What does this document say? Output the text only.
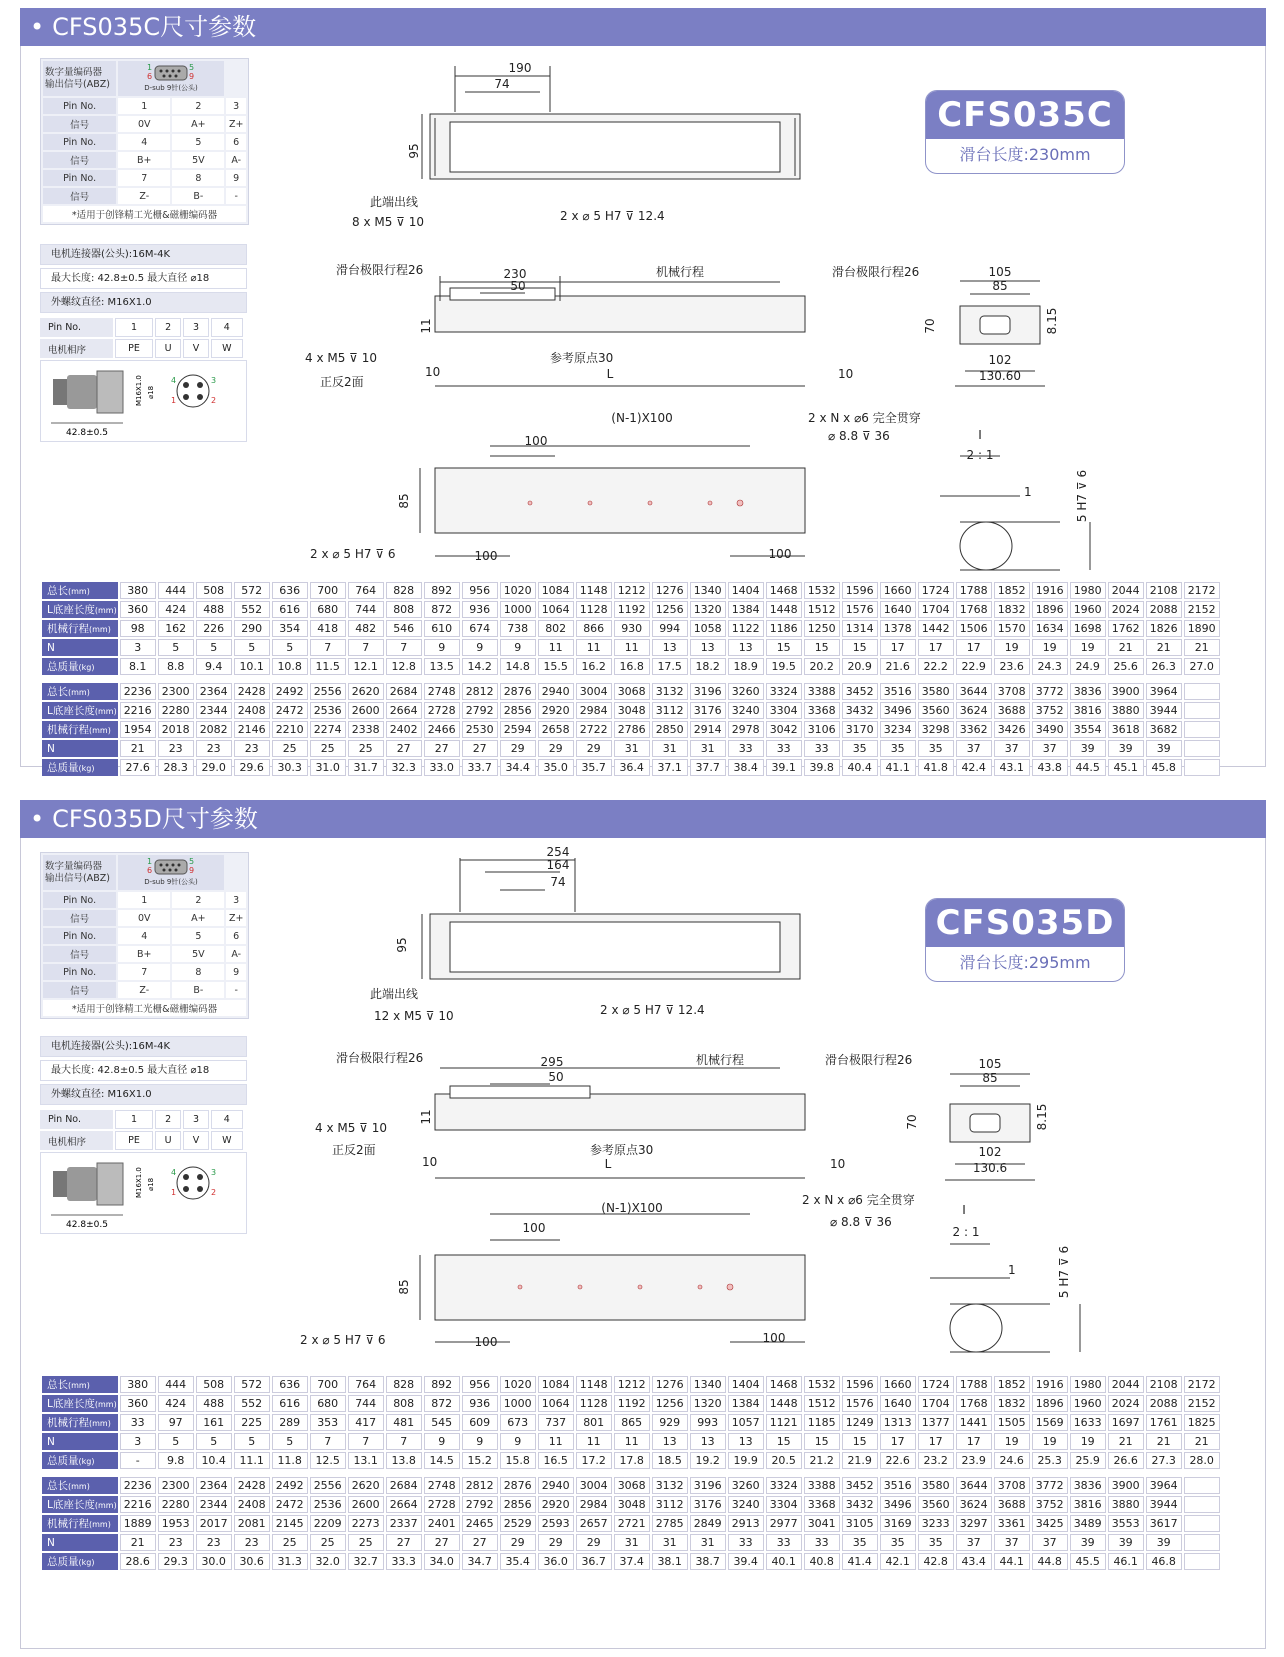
• CFS035C尺寸参数
数字量编码器
输出信号(ABZ)	1 5
6 9
D-sub 9针(公头)		

Pin No.	1	2	3
信号	0V	A+	Z+
Pin No.	4	5	6
信号	B+	5V	A-
Pin No.	7	8	9
信号	Z-	B-	-
*适用于创锋精工光栅&磁栅编码器			
电机连接器(公头):16M-4K
最大长度: 42.8±0.5 最大直径 ⌀18
外螺纹直径: M16X1.0
Pin No.	1	2	3	4
电机相序	PE	U	V	W
42.8±0.5
M16X1.0 ⌀18
4	3
1	2
CFS035C
滑台长度:230mm
190
74
95
此端出线
8 x M5 ⊽ 10	2 x ⌀ 5 H7 ⊽ 12.4
滑台极限行程26	230
50
机械行程	滑台极限行程26
11
4 x M5 ⊽ 10
正反2面
参考原点30
L
10	10
105
85
70	8.15
102
130.60
(N-1)X100
100
2 x N x ⌀6 完全贯穿
⌀ 8.8 ⊽ 36
85
2 x ⌀ 5 H7 ⊽ 6	100	100
I
2 : 1
1	5 H7 ⊽ 6
总长(mm)	380	444	508	572	636	700	764	828	892	956	1020	1084	1148	1212	1276	1340	1404	1468	1532	1596	1660	1724	1788	1852	1916	1980	2044	2108	2172
L底座长度(mm)	360	424	488	552	616	680	744	808	872	936	1000	1064	1128	1192	1256	1320	1384	1448	1512	1576	1640	1704	1768	1832	1896	1960	2024	2088	2152
机械行程(mm)	98	162	226	290	354	418	482	546	610	674	738	802	866	930	994	1058	1122	1186	1250	1314	1378	1442	1506	1570	1634	1698	1762	1826	1890
N	3	5	5	5	5	7	7	7	9	9	9	11	11	11	13	13	13	15	15	15	17	17	17	19	19	19	21	21	21
总质量(kg)	8.1	8.8	9.4	10.1	10.8	11.5	12.1	12.8	13.5	14.2	14.8	15.5	16.2	16.8	17.5	18.2	18.9	19.5	20.2	20.9	21.6	22.2	22.9	23.6	24.3	24.9	25.6	26.3	27.0

总长(mm)	2236	2300	2364	2428	2492	2556	2620	2684	2748	2812	2876	2940	3004	3068	3132	3196	3260	3324	3388	3452	3516	3580	3644	3708	3772	3836	3900	3964	
L底座长度(mm)	2216	2280	2344	2408	2472	2536	2600	2664	2728	2792	2856	2920	2984	3048	3112	3176	3240	3304	3368	3432	3496	3560	3624	3688	3752	3816	3880	3944	
机械行程(mm)	1954	2018	2082	2146	2210	2274	2338	2402	2466	2530	2594	2658	2722	2786	2850	2914	2978	3042	3106	3170	3234	3298	3362	3426	3490	3554	3618	3682	
N	21	23	23	23	25	25	25	27	27	27	29	29	29	31	31	31	33	33	33	35	35	35	37	37	37	39	39	39	
总质量(kg)	27.6	28.3	29.0	29.6	30.3	31.0	31.7	32.3	33.0	33.7	34.4	35.0	35.7	36.4	37.1	37.7	38.4	39.1	39.8	40.4	41.1	41.8	42.4	43.1	43.8	44.5	45.1	45.8	
• CFS035D尺寸参数
数字量编码器
输出信号(ABZ)	1 5
6 9
D-sub 9针(公头)		

Pin No.	1	2	3
信号	0V	A+	Z+
Pin No.	4	5	6
信号	B+	5V	A-
Pin No.	7	8	9
信号	Z-	B-	-
*适用于创锋精工光栅&磁栅编码器			
电机连接器(公头):16M-4K
最大长度: 42.8±0.5 最大直径 ⌀18
外螺纹直径: M16X1.0
Pin No.	1	2	3	4
电机相序	PE	U	V	W
42.8±0.5
M16X1.0 ⌀18
4	3
1	2
CFS035D
滑台长度:295mm
254
164
74
95
此端出线
12 x M5 ⊽ 10	2 x ⌀ 5 H7 ⊽ 12.4
滑台极限行程26	295
50
机械行程	滑台极限行程26
11
4 x M5 ⊽ 10
正反2面	参考原点30
L
10	10
105
85
70	8.15
102
130.6
(N-1)X100
100
2 x N x ⌀6 完全贯穿
⌀ 8.8 ⊽ 36
85
2 x ⌀ 5 H7 ⊽ 6	100	100
I
2 : 1
1	5 H7 ⊽ 6
总长(mm)	380	444	508	572	636	700	764	828	892	956	1020	1084	1148	1212	1276	1340	1404	1468	1532	1596	1660	1724	1788	1852	1916	1980	2044	2108	2172
L底座长度(mm)	360	424	488	552	616	680	744	808	872	936	1000	1064	1128	1192	1256	1320	1384	1448	1512	1576	1640	1704	1768	1832	1896	1960	2024	2088	2152
机械行程(mm)	33	97	161	225	289	353	417	481	545	609	673	737	801	865	929	993	1057	1121	1185	1249	1313	1377	1441	1505	1569	1633	1697	1761	1825
N	3	5	5	5	5	7	7	7	9	9	9	11	11	11	13	13	13	15	15	15	17	17	17	19	19	19	21	21	21
总质量(kg)	-	9.8	10.4	11.1	11.8	12.5	13.1	13.8	14.5	15.2	15.8	16.5	17.2	17.8	18.5	19.2	19.9	20.5	21.2	21.9	22.6	23.2	23.9	24.6	25.3	25.9	26.6	27.3	28.0

总长(mm)	2236	2300	2364	2428	2492	2556	2620	2684	2748	2812	2876	2940	3004	3068	3132	3196	3260	3324	3388	3452	3516	3580	3644	3708	3772	3836	3900	3964	
L底座长度(mm)	2216	2280	2344	2408	2472	2536	2600	2664	2728	2792	2856	2920	2984	3048	3112	3176	3240	3304	3368	3432	3496	3560	3624	3688	3752	3816	3880	3944	
机械行程(mm)	1889	1953	2017	2081	2145	2209	2273	2337	2401	2465	2529	2593	2657	2721	2785	2849	2913	2977	3041	3105	3169	3233	3297	3361	3425	3489	3553	3617	
N	21	23	23	23	25	25	25	27	27	27	29	29	29	31	31	31	33	33	33	35	35	35	37	37	37	39	39	39	
总质量(kg)	28.6	29.3	30.0	30.6	31.3	32.0	32.7	33.3	34.0	34.7	35.4	36.0	36.7	37.4	38.1	38.7	39.4	40.1	40.8	41.4	42.1	42.8	43.4	44.1	44.8	45.5	46.1	46.8	
